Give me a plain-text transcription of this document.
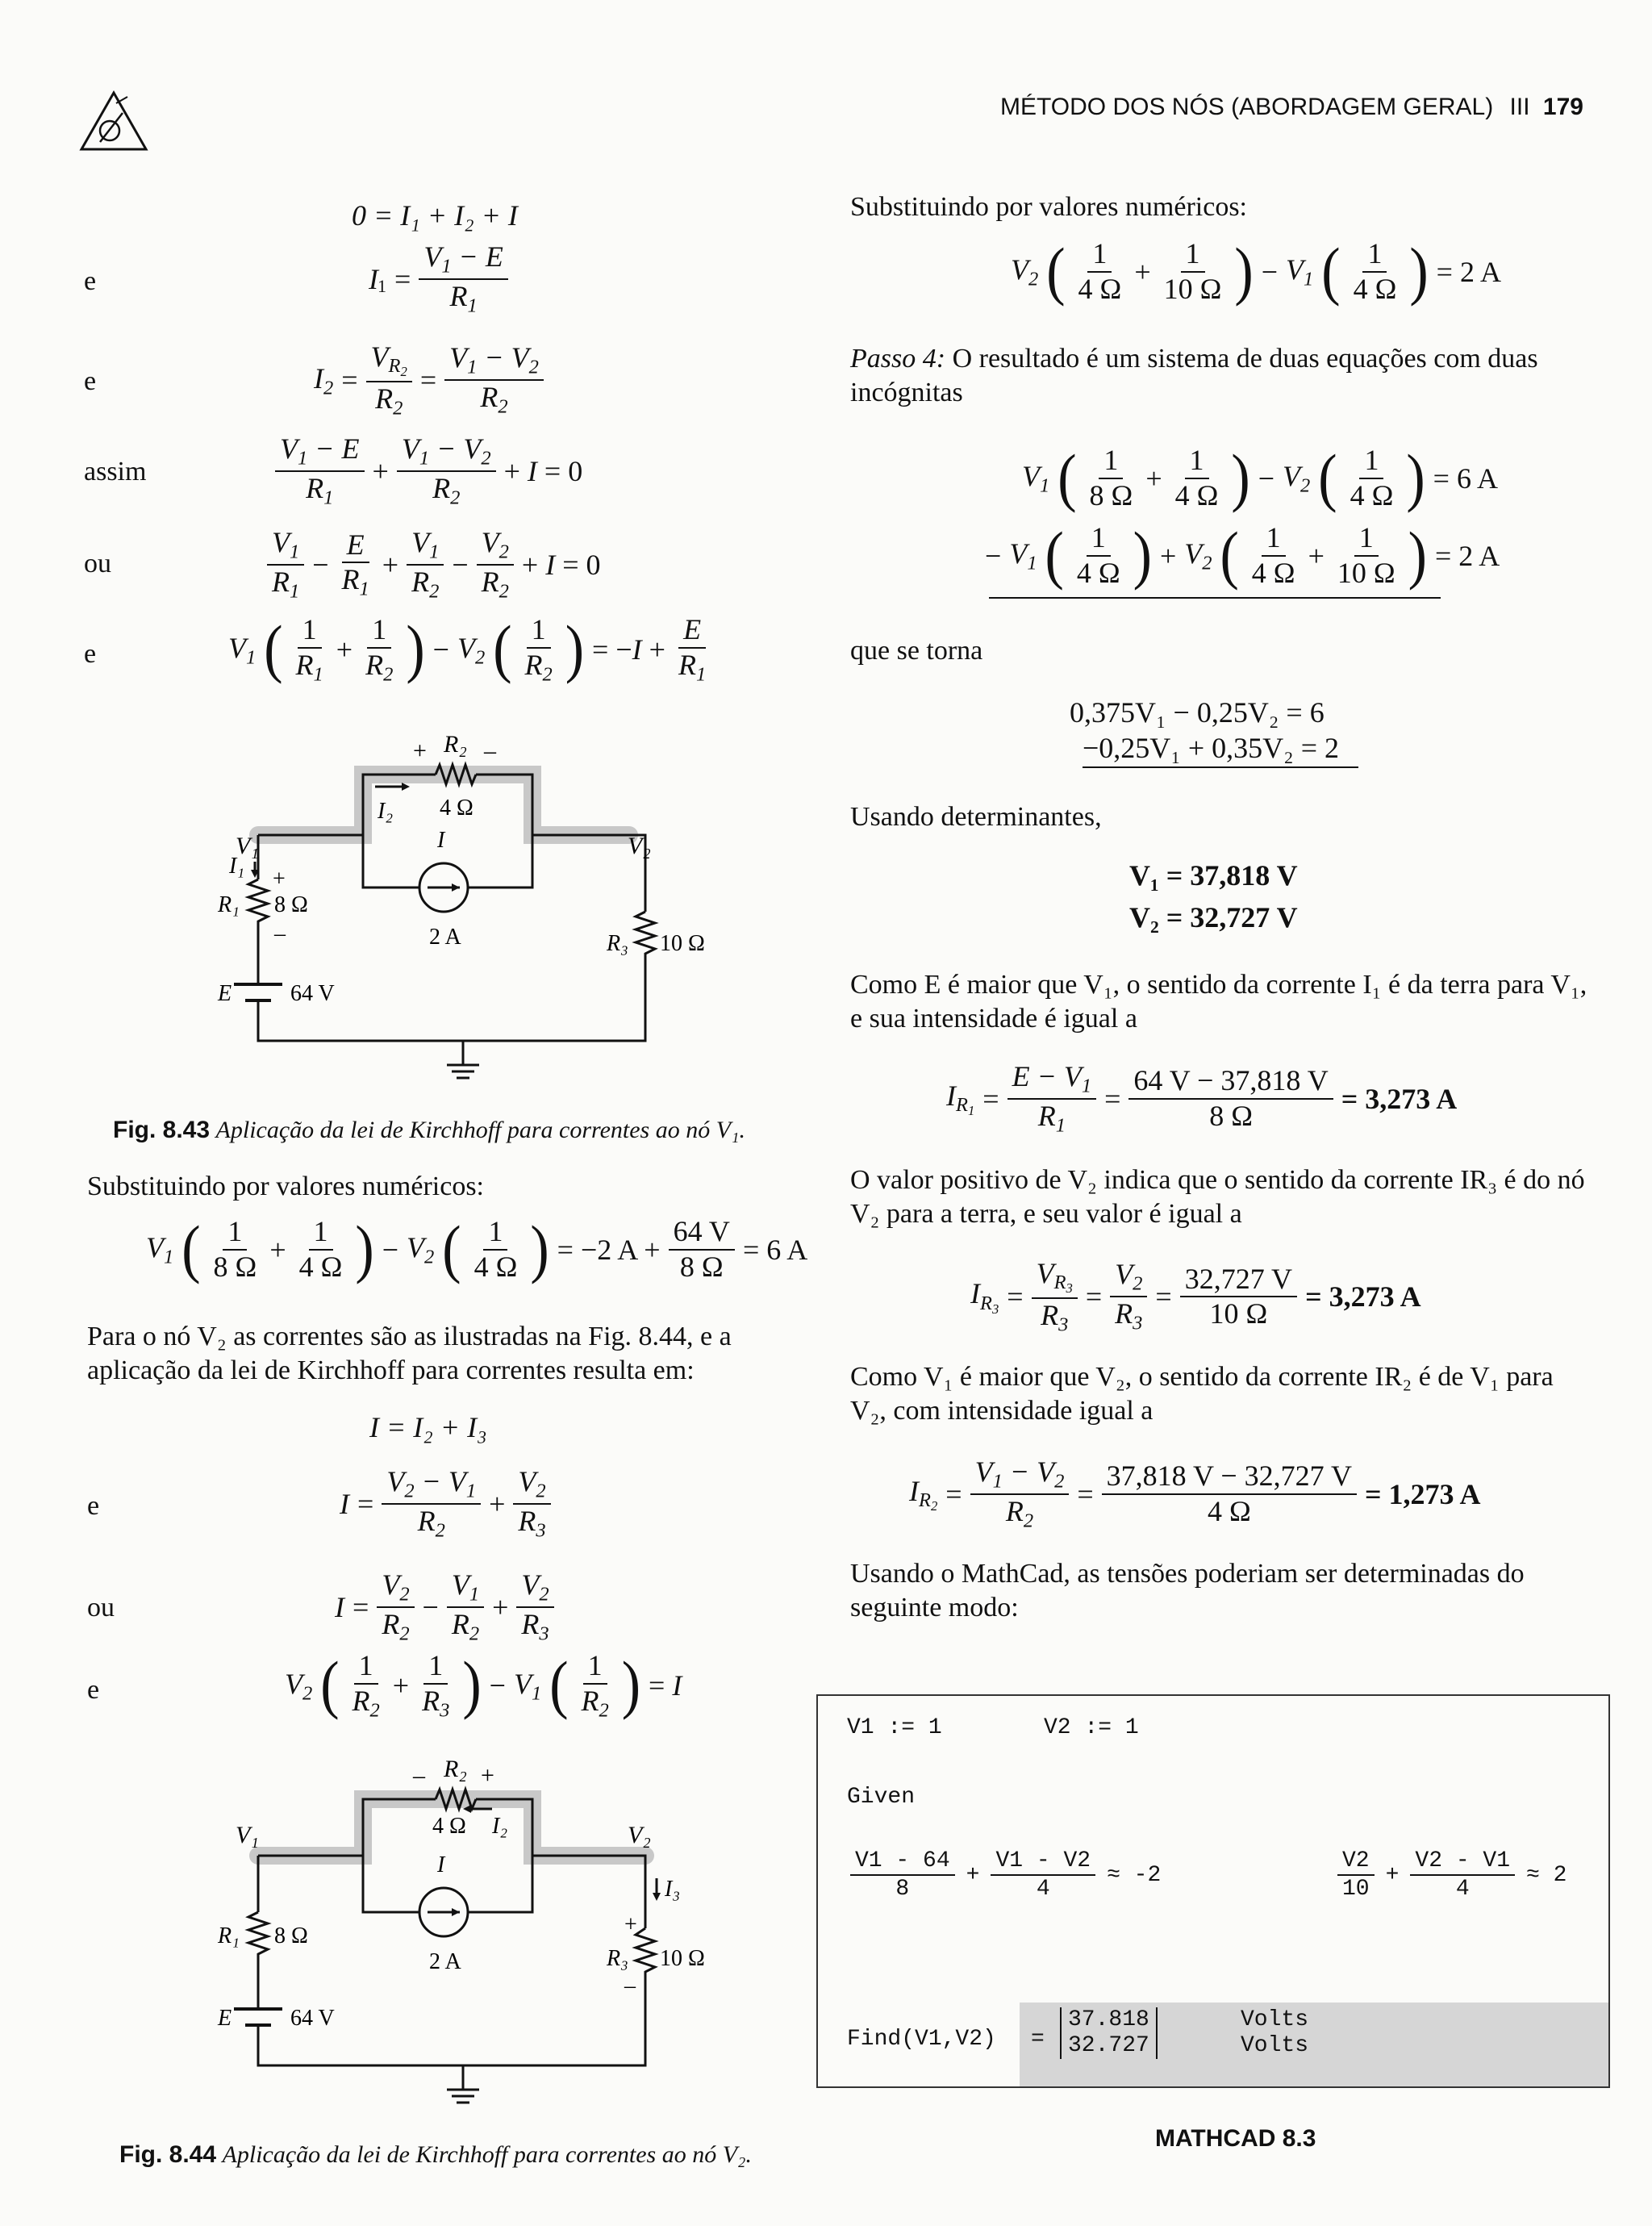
MÉTODO DOS NÓS (ABORDAGEM GERAL) III 179
0 = I₁ + I₂ + I
e	I $1 = \frac{V_1 - E}{R_1}$
e	$I_2 = \frac{V_{R_2}}{R_2} = \frac{V_1 - V_2}{R_2}$
assim	$\frac{V_1 - E}{R_1} + \frac{V_1 - V_2}{R_2} + I = 0$
ou	$\frac{V_1}{R_1} - \frac{E}{R_1} + \frac{V_1}{R_2} - \frac{V_2}{R_2} + I = 0$
e	$V_1$ ( $\frac{1}{R_1} + \frac{1}{R_2}$ ) − $V_2$ ( $\frac{1}{R_2}$ ) = $-I + \frac{E}{R_1}$
V₁	V₂
R₂
+ –
4 Ω
I₂
I
2 A
I₁
R₁ 8 Ω
+
–	R₃ 10 Ω
E	64 V
Fig. 8.43 Aplicação da lei de Kirchhoff para correntes ao nó V₁.
Substituindo por valores numéricos:
$V_1$ ( $\frac{1}{8 \Omega} + \frac{1}{4 \Omega}$ ) − $V_2$ ( $\frac{1}{4 \Omega}$ ) = −2 $A + \frac{64 V}{8 \Omega} = 6$ A
Para o nó V₂ as correntes são as ilustradas na Fig. 8.44, e a aplicação da lei de Kirchhoff para correntes resulta em:
I = I₂ + I₃
e	$I = \frac{V_2 - V_1}{R_2} + \frac{V_2}{R_3}$
ou	$I = \frac{V_2}{R_2} - \frac{V_1}{R_2} + \frac{V_2}{R_3}$
e	$V_2$ ( $\frac{1}{R_2} + \frac{1}{R_3}$ ) − $V_1$ ( $\frac{1}{R_2}$ ) = I
V₁	V₂
R₂
– +
4 Ω I₂
I
2 A
R₁ 8 Ω
I₃
+
R₃ 10 Ω
–
E	64 V
Fig. 8.44 Aplicação da lei de Kirchhoff para correntes ao nó V₂.
Substituindo por valores numéricos:
$V_2$ ( $\frac{1}{4 \Omega} + \frac{1}{10 \Omega}$ ) − $V_1$ ( $\frac{1}{4 \Omega}$ ) = 2 A
Passo 4: O resultado é um sistema de duas equações com duas incógnitas
$V_1$ ( $\frac{1}{8 \Omega} + \frac{1}{4 \Omega}$ ) − $V_2$ ( $\frac{1}{4 \Omega}$ ) = 6 A
− $V_1$ ( $\frac{1}{4 \Omega}$ ) + $V_2$ ( $\frac{1}{4 \Omega} + \frac{1}{10 \Omega}$ ) = 2 A
que se torna
0,375V₁ − 0,25V₂ = 6
−0,25V₁ + 0,35V₂ = 2
Usando determinantes,
V₁ = 37,818 V
V₂ = 32,727 V
Como E é maior que V₁, o sentido da corrente I₁ é da terra para V₁, e sua intensidade é igual a
$I_{R_1} = \frac{E - V_1}{R_1} = \frac{64 V - 37,818 V}{8 \Omega} = 3,273$ A
O valor positivo de V₂ indica que o sentido da corrente IR₃ é do nó V₂ para a terra, e seu valor é igual a
$I_{R_3} = \frac{V_{R_3}}{R_3} = \frac{V_2}{R_3} = \frac{32,727 V}{10 \Omega} = 3,273$ A
Como V₁ é maior que V₂, o sentido da corrente IR₂ é de V₁ para V₂, com intensidade igual a
$I_{R_2} = \frac{V_1 - V_2}{R_2} = \frac{37,818 V - 32,727 V}{4 \Omega} = 1,273$ A
Usando o MathCad, as tensões poderiam ser determinadas do seguinte modo:
V1 := 1	V2 := 1
Given
$\frac{V1 - 64}{8} + \frac{V1 - V2}{4} \approx -2$	$\frac{V2}{10} + \frac{V2 - V1}{4} \approx 2$
Find(V1,V2) =
37.818
32.727
Volts
Volts
MATHCAD 8.3
